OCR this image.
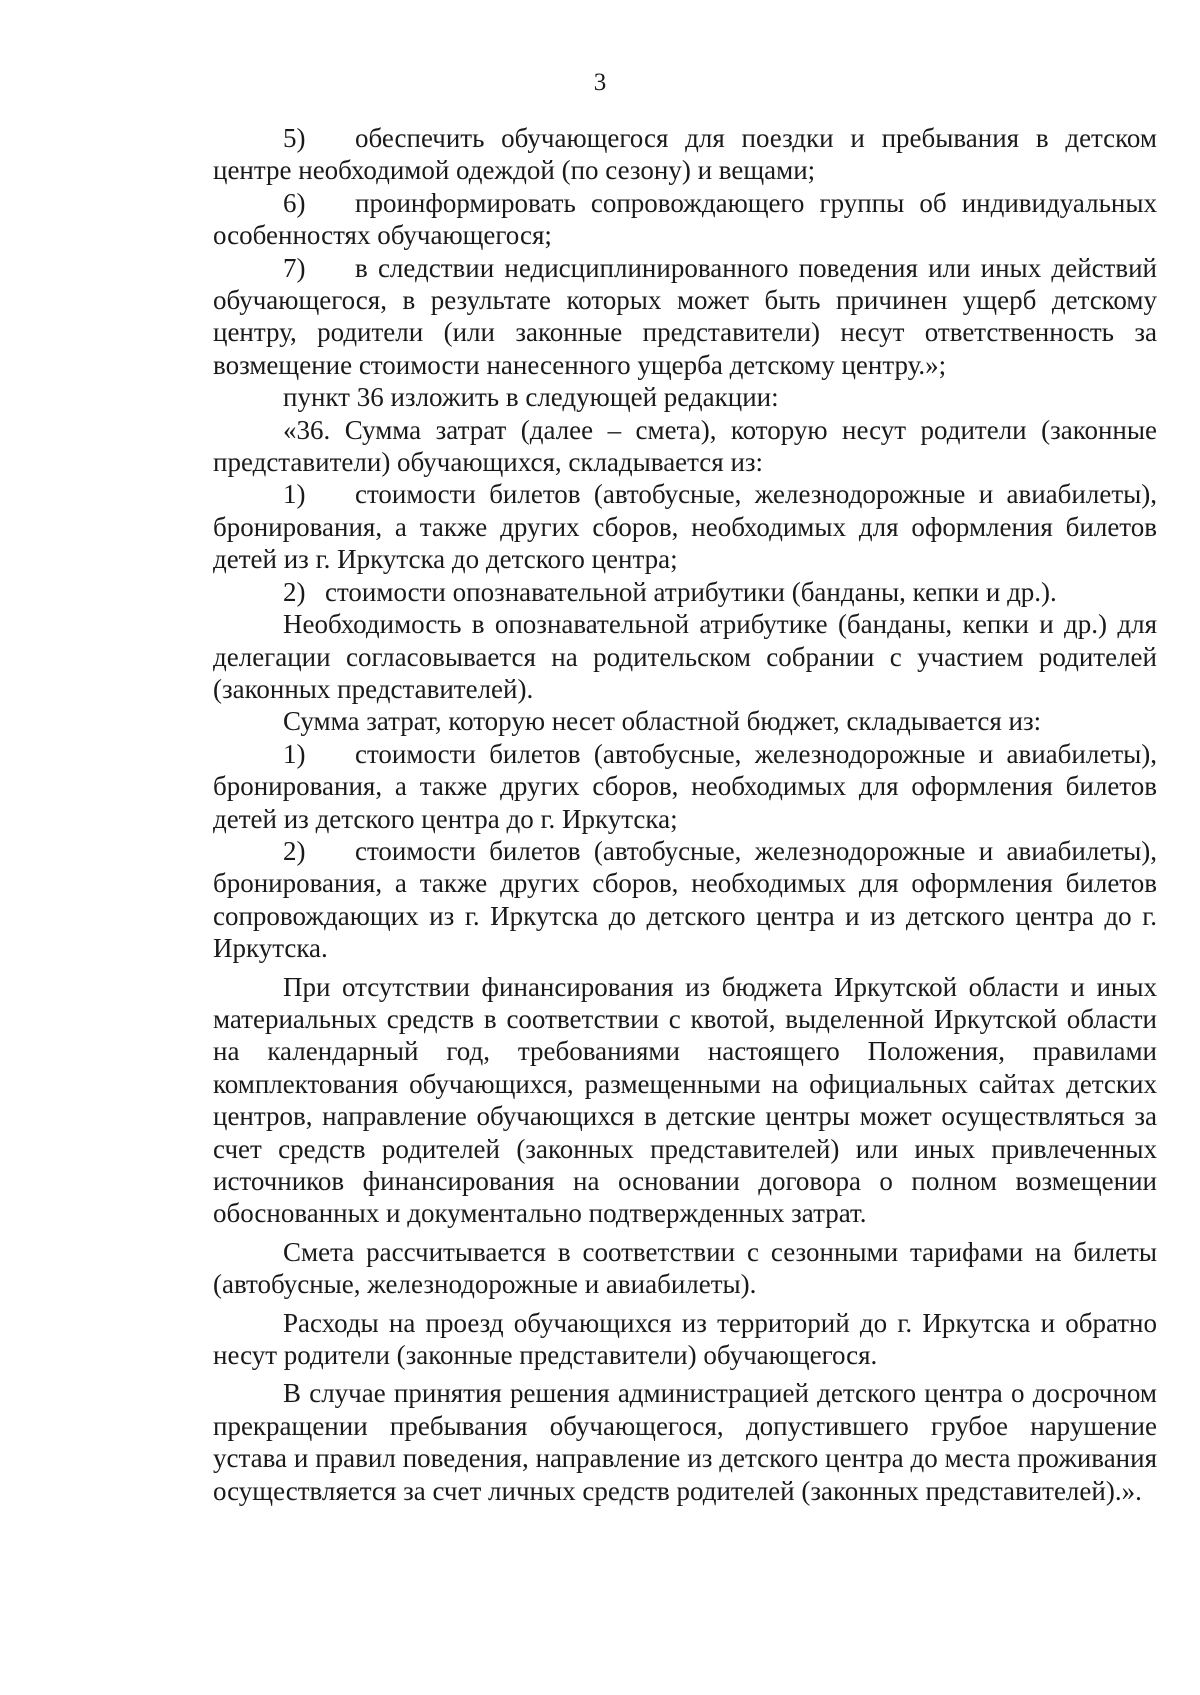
3

5) обеспечить обучающегося для поездки и пребывания в детском центре необходимой одеждой (по сезону) и вещами;

6) проинформировать сопровождающего группы об индивидуальных особенностях обучающегося;

7) в следствии недисциплинированного поведения или иных действий обучающегося, в результате которых может быть причинен ущерб детскому центру, родители (или законные представители) несут ответственность за возмещение стоимости нанесенного ущерба детскому центру.»;

пункт 36 изложить в следующей редакции:

«36. Сумма затрат (далее – смета), которую несут родители (законные представители) обучающихся, складывается из:

1) стоимости билетов (автобусные, железнодорожные и авиабилеты), бронирования, а также других сборов, необходимых для оформления билетов детей из г. Иркутска до детского центра;

2) стоимости опознавательной атрибутики (банданы, кепки и др.).

Необходимость в опознавательной атрибутике (банданы, кепки и др.) для делегации согласовывается на родительском собрании с участием родителей (законных представителей).

Сумма затрат, которую несет областной бюджет, складывается из:

1) стоимости билетов (автобусные, железнодорожные и авиабилеты), бронирования, а также других сборов, необходимых для оформления билетов детей из детского центра до г. Иркутска;

2) стоимости билетов (автобусные, железнодорожные и авиабилеты), бронирования, а также других сборов, необходимых для оформления билетов сопровождающих из г. Иркутска до детского центра и из детского центра до г. Иркутска.

При отсутствии финансирования из бюджета Иркутской области и иных материальных средств в соответствии с квотой, выделенной Иркутской области на календарный год, требованиями настоящего Положения, правилами комплектования обучающихся, размещенными на официальных сайтах детских центров, направление обучающихся в детские центры может осуществляться за счет средств родителей (законных представителей) или иных привлеченных источников финансирования на основании договора о полном возмещении обоснованных и документально подтвержденных затрат.

Смета рассчитывается в соответствии с сезонными тарифами на билеты (автобусные, железнодорожные и авиабилеты).

Расходы на проезд обучающихся из территорий до г. Иркутска и обратно несут родители (законные представители) обучающегося.

В случае принятия решения администрацией детского центра о досрочном прекращении пребывания обучающегося, допустившего грубое нарушение устава и правил поведения, направление из детского центра до места проживания осуществляется за счет личных средств родителей (законных представителей).».
